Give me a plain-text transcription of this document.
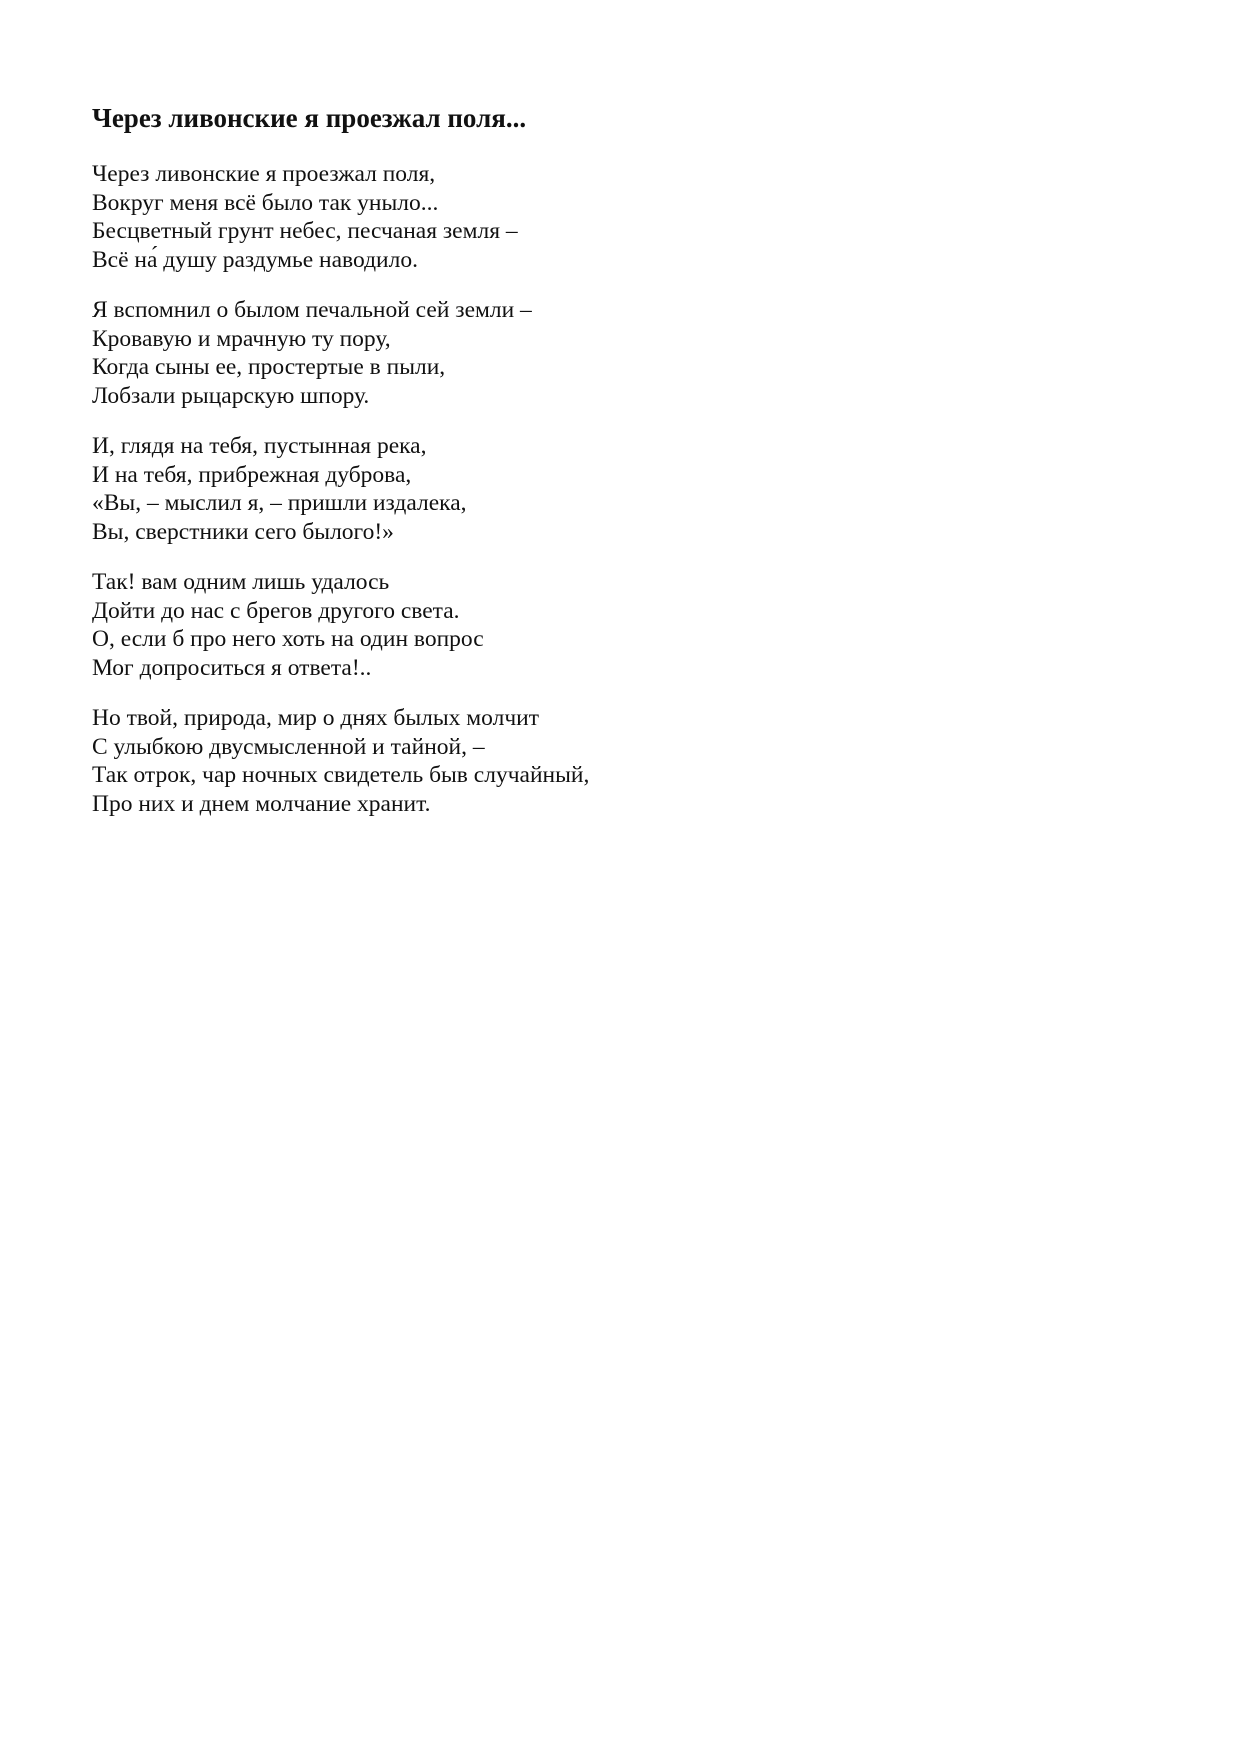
Через ливонские я проезжал поля...
Через ливонские я проезжал поля,
Вокруг меня всё было так уныло...
Бесцветный грунт небес, песчаная земля –
Всё на́ душу раздумье наводило.
Я вспомнил о былом печальной сей земли –
Кровавую и мрачную ту пору,
Когда сыны ее, простертые в пыли,
Лобзали рыцарскую шпору.
И, глядя на тебя, пустынная река,
И на тебя, прибрежная дуброва,
«Вы, – мыслил я, – пришли издалека,
Вы, сверстники сего былого!»
Так! вам одним лишь удалось
Дойти до нас с брегов другого света.
О, если б про него хоть на один вопрос
Мог допроситься я ответа!..
Но твой, природа, мир о днях былых молчит
С улыбкою двусмысленной и тайной, –
Так отрок, чар ночных свидетель быв случайный,
Про них и днем молчание хранит.
